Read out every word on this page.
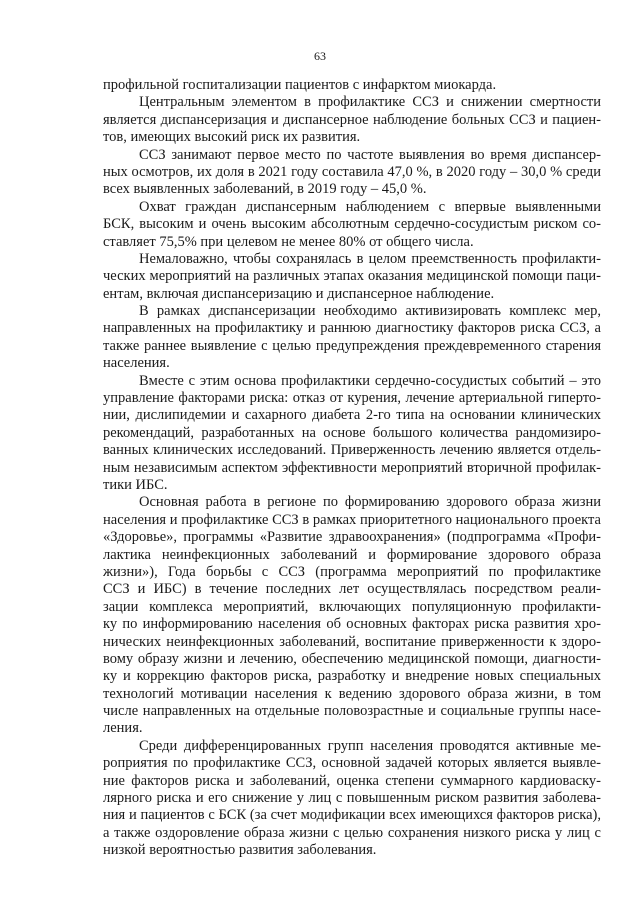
63
профильной госпитализации пациентов с инфарктом миокарда.
Центральным элементом в профилактике ССЗ и снижении смертности
является диспансеризация и диспансерное наблюдение больных ССЗ и пациен-
тов, имеющих высокий риск их развития.
ССЗ занимают первое место по частоте выявления во время диспансер-
ных осмотров, их доля в 2021 году составила 47,0 %, в 2020 году – 30,0 % среди
всех выявленных заболеваний, в 2019 году – 45,0 %.
Охват граждан диспансерным наблюдением с впервые выявленными
БСК, высоким и очень высоким абсолютным сердечно-сосудистым риском со-
ставляет 75,5% при целевом не менее 80% от общего числа.
Немаловажно, чтобы сохранялась в целом преемственность профилакти-
ческих мероприятий на различных этапах оказания медицинской помощи паци-
ентам, включая диспансеризацию и диспансерное наблюдение.
В рамках диспансеризации необходимо активизировать комплекс мер,
направленных на профилактику и раннюю диагностику факторов риска ССЗ, а
также раннее выявление с целью предупреждения преждевременного старения
населения.
Вместе с этим основа профилактики сердечно-сосудистых событий – это
управление факторами риска: отказ от курения, лечение артериальной гиперто-
нии, дислипидемии и сахарного диабета 2-го типа на основании клинических
рекомендаций, разработанных на основе большого количества рандомизиро-
ванных клинических исследований. Приверженность лечению является отдель-
ным независимым аспектом эффективности мероприятий вторичной профилак-
тики ИБС.
Основная работа в регионе по формированию здорового образа жизни
населения и профилактике ССЗ в рамках приоритетного национального проекта
«Здоровье», программы «Развитие здравоохранения» (подпрограмма «Профи-
лактика неинфекционных заболеваний и формирование здорового образа
жизни»), Года борьбы с ССЗ (программа мероприятий по профилактике
ССЗ и ИБС) в течение последних лет осуществлялась посредством реали-
зации комплекса мероприятий, включающих популяционную профилакти-
ку по информированию населения об основных факторах риска развития хро-
нических неинфекционных заболеваний, воспитание приверженности к здоро-
вому образу жизни и лечению, обеспечению медицинской помощи, диагности-
ку и коррекцию факторов риска, разработку и внедрение новых специальных
технологий мотивации населения к ведению здорового образа жизни, в том
числе направленных на отдельные половозрастные и социальные группы насе-
ления.
Среди дифференцированных групп населения проводятся активные ме-
роприятия по профилактике ССЗ, основной задачей которых является выявле-
ние факторов риска и заболеваний, оценка степени суммарного кардиоваску-
лярного риска и его снижение у лиц с повышенным риском развития заболева-
ния и пациентов с БСК (за счет модификации всех имеющихся факторов риска),
а также оздоровление образа жизни с целью сохранения низкого риска у лиц с
низкой вероятностью развития заболевания.
